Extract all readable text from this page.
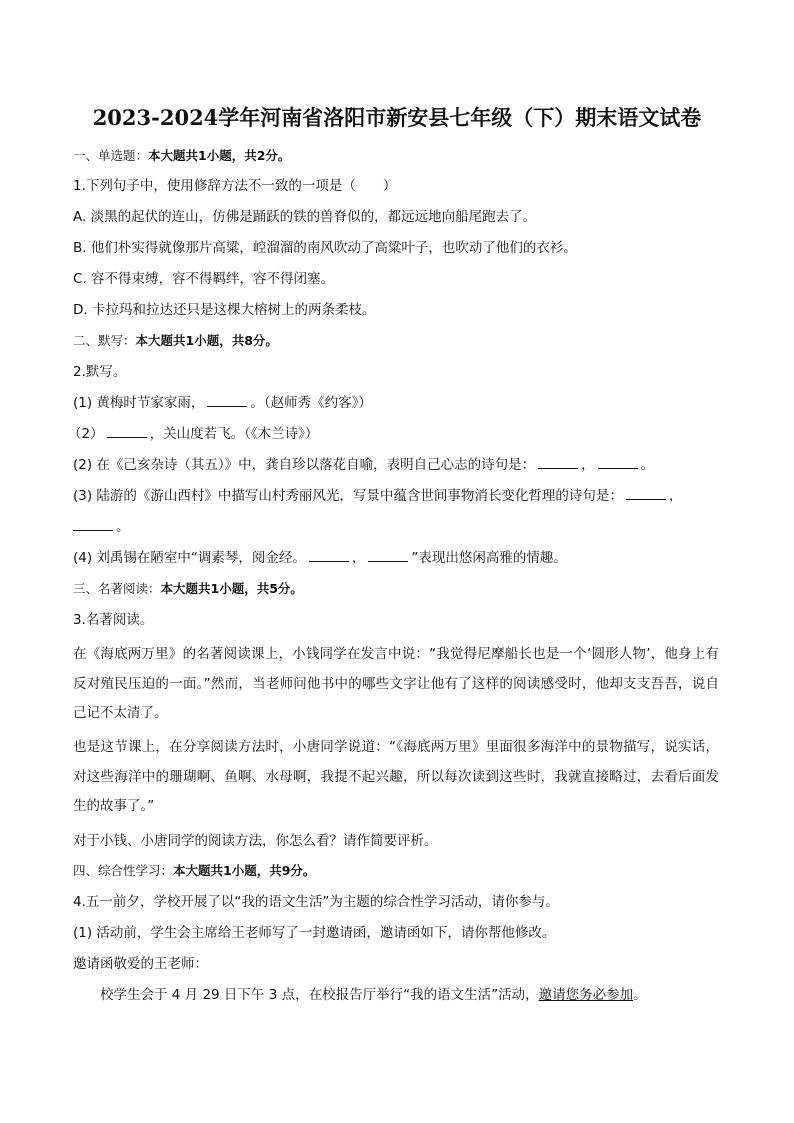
2023-2024学年河南省洛阳市新安县七年级（下）期末语文试卷
一、单选题：本大题共1小题，共2分。
1.下列句子中，使用修辞方法不一致的一项是（　　）
A. 淡黑的起伏的连山，仿佛是踊跃的铁的兽脊似的，都远远地向船尾跑去了。
B. 他们朴实得就像那片高粱，崆溜溜的南风吹动了高粱叶子，也吹动了他们的衣衫。
C. 容不得束缚，容不得羁绊，容不得闭塞。
D. 卡拉玛和拉达还只是这棵大榕树上的两条柔枝。
二、默写：本大题共1小题，共8分。
2.默写。
(1) 黄梅时节家家雨，	。（赵师秀《约客》）
（2）	，关山度若飞。（《木兰诗》）
(2) 在《己亥杂诗（其五）》中，龚自珍以落花自喻，表明自己心志的诗句是：	，	。
(3) 陆游的《游山西村》中描写山村秀丽风光，写景中蕴含世间事物消长变化哲理的诗句是：	，
。
(4) 刘禹锡在陋室中“调素琴，阅金经。	，	”表现出悠闲高雅的情趣。
三、名著阅读：本大题共1小题，共5分。
3.名著阅读。
在《海底两万里》的名著阅读课上，小钱同学在发言中说：“我觉得尼摩船长也是一个‘圆形人物’，他身上有反对殖民压迫的一面。”然而，当老师问他书中的哪些文字让他有了这样的阅读感受时，他却支支吾吾，说自己记不太清了。
也是这节课上，在分享阅读方法时，小唐同学说道：“《海底两万里》里面很多海洋中的景物描写，说实话，对这些海洋中的珊瑚啊、鱼啊、水母啊，我提不起兴趣，所以每次读到这些时，我就直接略过，去看后面发生的故事了。”
对于小钱、小唐同学的阅读方法，你怎么看？请作简要评析。
四、综合性学习：本大题共1小题，共9分。
4.五一前夕，学校开展了以“我的语文生活”为主题的综合性学习活动，请你参与。
(1) 活动前，学生会主席给王老师写了一封邀请函，邀请函如下，请你帮他修改。
邀请函敬爱的王老师：
校学生会于 4 月 29 日下午 3 点，在校报告厅举行“我的语文生活”活动，邀请您务必参加。
